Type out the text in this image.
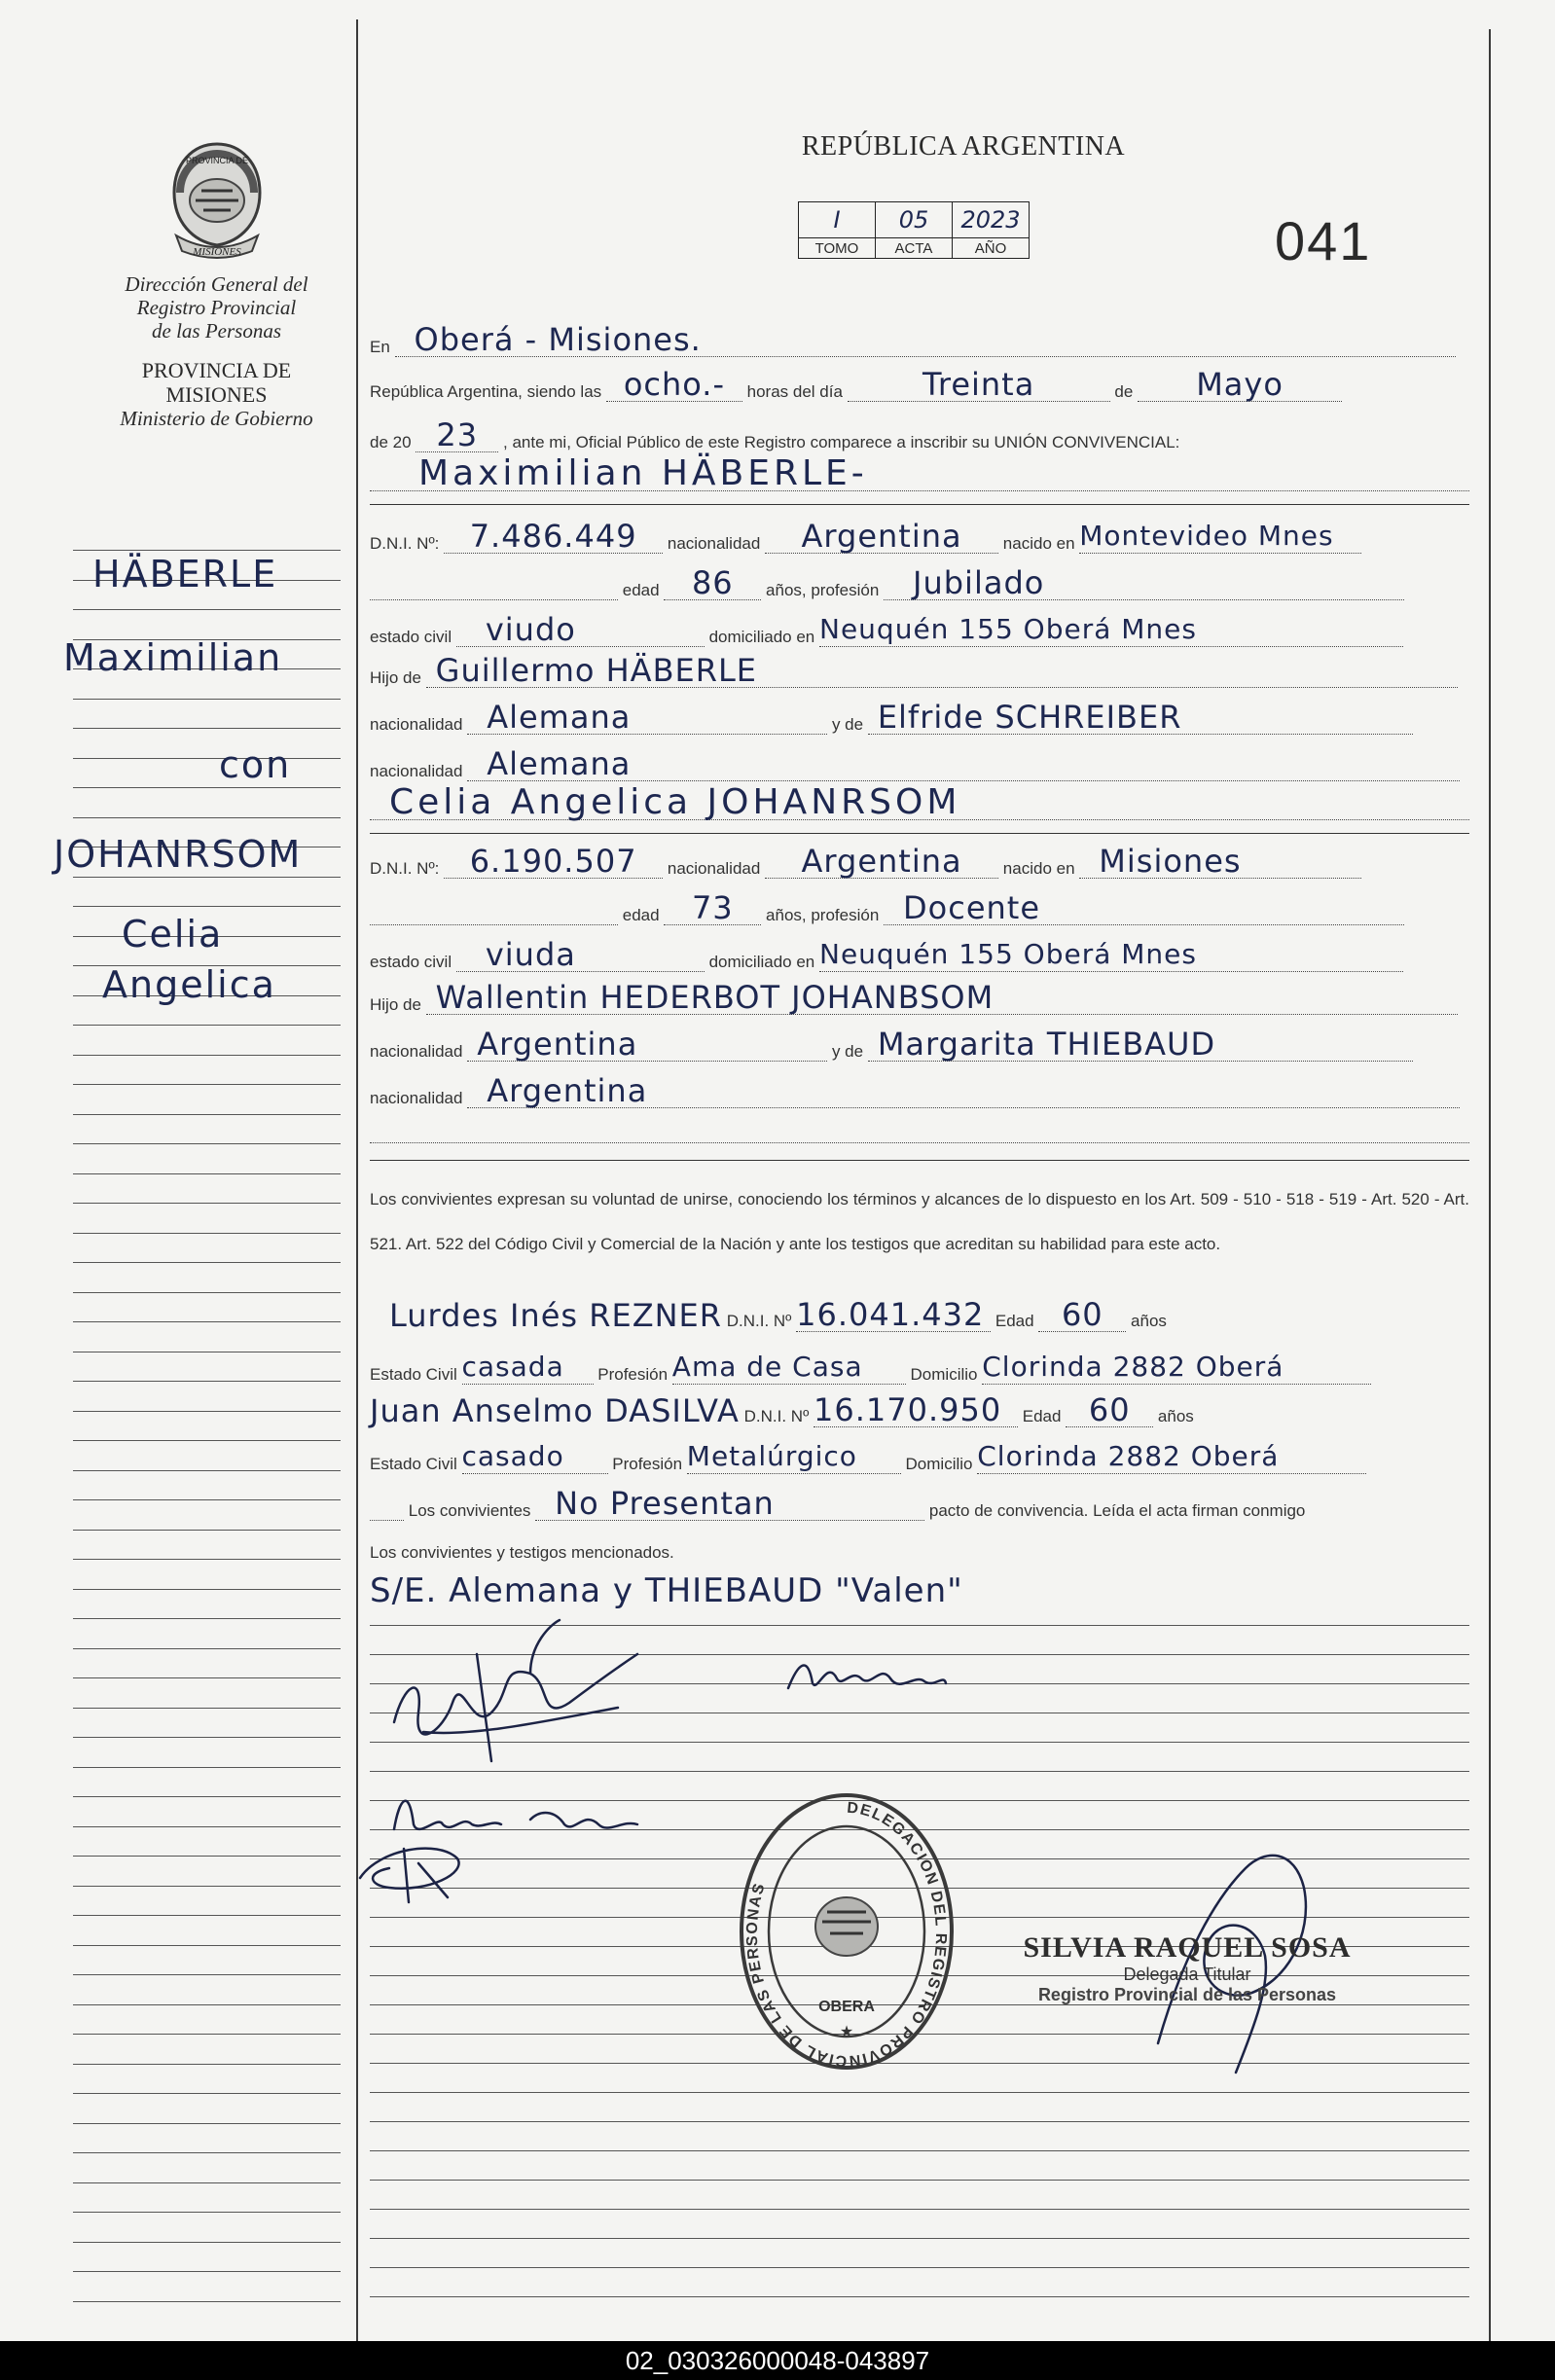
MISIONES
PROVINCIA DE
Dirección General del
Registro Provincial
de las Personas
PROVINCIA DE
MISIONES
Ministerio de Gobierno
HÄBERLE
Maximilian
con
JOHANRSOM
Celia
Angelica
REPÚBLICA ARGENTINA
I	05	2023
TOMO	ACTA	AÑO	041
En Oberá - Misiones.
República Argentina, siendo las ocho.- horas del día	Treinta	de Mayo
de 20 23 , ante mi, Oficial Público de este Registro comparece a inscribir su UNIÓN CONVIVENCIAL:
Maximilian HÄBERLE-
D.N.I. Nº: 7.486.449 nacionalidad Argentina nacido en Montevideo Mnes
edad 86 años, profesión Jubilado
estado civil viudo	domiciliado en Neuquén 155 Oberá Mnes
Hijo de Guillermo HÄBERLE
nacionalidad Alemana	y de Elfride SCHREIBER
nacionalidad Alemana
Celia Angelica JOHANRSOM
D.N.I. Nº: 6.190.507 nacionalidad Argentina nacido en Misiones
edad 73 años, profesión Docente
estado civil viuda	domiciliado en Neuquén 155 Oberá Mnes
Hijo de Wallentin HEDERBOT JOHANBSOM
nacionalidad Argentina	y de Margarita THIEBAUD
nacionalidad Argentina
Los convivientes expresan su voluntad de unirse, conociendo los términos y alcances de lo dispuesto en los Art. 509 - 510 - 518 - 519 - Art. 520 - Art. 521. Art. 522 del Código Civil y Comercial de la Nación y ante los testigos que acreditan su habilidad para este acto.
Lurdes Inés REZNER D.N.I. Nº 16.041.432 Edad 60 años
Estado Civil casada Profesión Ama de Casa	Domicilio Clorinda 2882 Oberá
Juan Anselmo DASILVA D.N.I. Nº 16.170.950 Edad 60 años
Estado Civil casado	Profesión Metalúrgico	Domicilio Clorinda 2882 Oberá
Los convivientes No Presentan	pacto de convivencia. Leída el acta firman conmigo
Los convivientes y testigos mencionados.
S/E. Alemana y THIEBAUD "Valen"
DELEGACION DEL REGISTRO PROVINCIAL DE LAS PERSONAS
OBERA
★
SILVIA RAQUEL SOSA
Delegada Titular
Registro Provincial de las Personas
02_030326000048-043897
